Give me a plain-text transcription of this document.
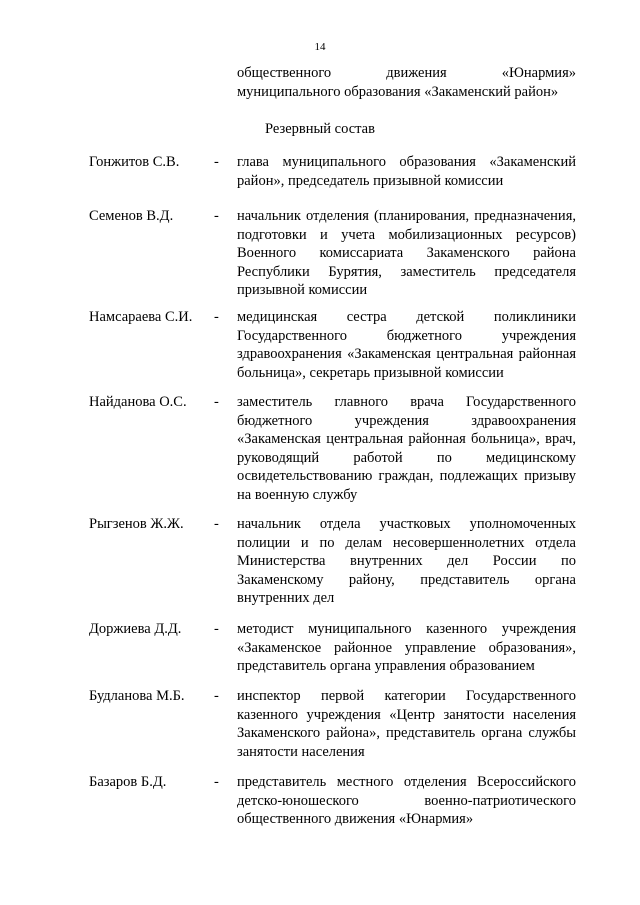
14
общественного движения «Юнармия» муниципального образования «Закаменский район»
Резервный состав
Гонжитов С.В.	- глава муниципального образования «Закаменский район», председатель призывной комиссии
Семенов В.Д.	- начальник отделения (планирования, предназначения, подготовки и учета мобилизационных ресурсов) Военного комиссариата Закаменского района Республики Бурятия, заместитель председателя призывной комиссии
Намсараева С.И.	- медицинская сестра детской поликлиники Государственного бюджетного учреждения здравоохранения «Закаменская центральная районная больница», секретарь призывной комиссии
Найданова О.С.	- заместитель главного врача Государственного бюджетного учреждения здравоохранения «Закаменская центральная районная больница», врач, руководящий работой по медицинскому освидетельствованию граждан, подлежащих призыву на военную службу
Рыгзенов Ж.Ж.	- начальник отдела участковых уполномоченных полиции и по делам несовершеннолетних отдела Министерства внутренних дел России по Закаменскому району, представитель органа внутренних дел
Доржиева Д.Д.	- методист муниципального казенного учреждения «Закаменское районное управление образования», представитель органа управления образованием
Будланова М.Б.	- инспектор первой категории Государственного казенного учреждения «Центр занятости населения Закаменского района», представитель органа службы занятости населения
Базаров Б.Д.	- представитель местного отделения Всероссийского детско-юношеского военно-патриотического общественного движения «Юнармия»
